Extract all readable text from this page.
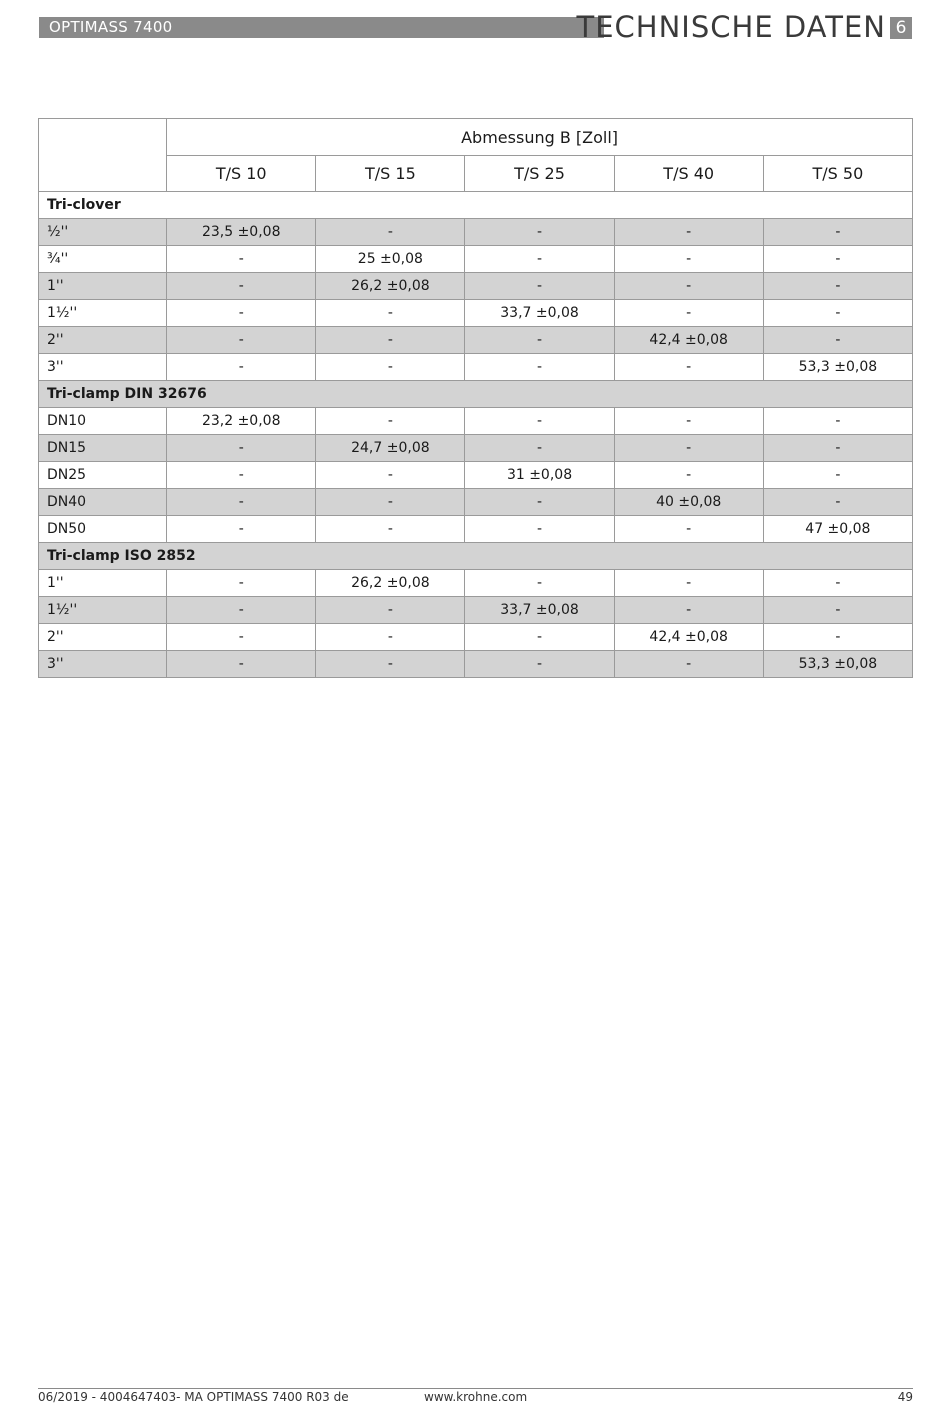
OPTIMASS 7400	TECHNISCHE DATEN 6
	Abmessung B [Zoll]				
	T/S 10	T/S 15	T/S 25	T/S 40	T/S 50
Tri-clover					
½''	23,5 ±0,08	-	-	-	-
¾''	-	25 ±0,08	-	-	-
1''	-	26,2 ±0,08	-	-	-
1½''	-	-	33,7 ±0,08	-	-
2''	-	-	-	42,4 ±0,08	-
3''	-	-	-	-	53,3 ±0,08
Tri-clamp DIN 32676					
DN10	23,2 ±0,08	-	-	-	-
DN15	-	24,7 ±0,08	-	-	-
DN25	-	-	31 ±0,08	-	-
DN40	-	-	-	40 ±0,08	-
DN50	-	-	-	-	47 ±0,08
Tri-clamp ISO 2852					
1''	-	26,2 ±0,08	-	-	-
1½''	-	-	33,7 ±0,08	-	-
2''	-	-	-	42,4 ±0,08	-
3''	-	-	-	-	53,3 ±0,08
06/2019 - 4004647403- MA OPTIMASS 7400 R03 de	www.krohne.com	49
